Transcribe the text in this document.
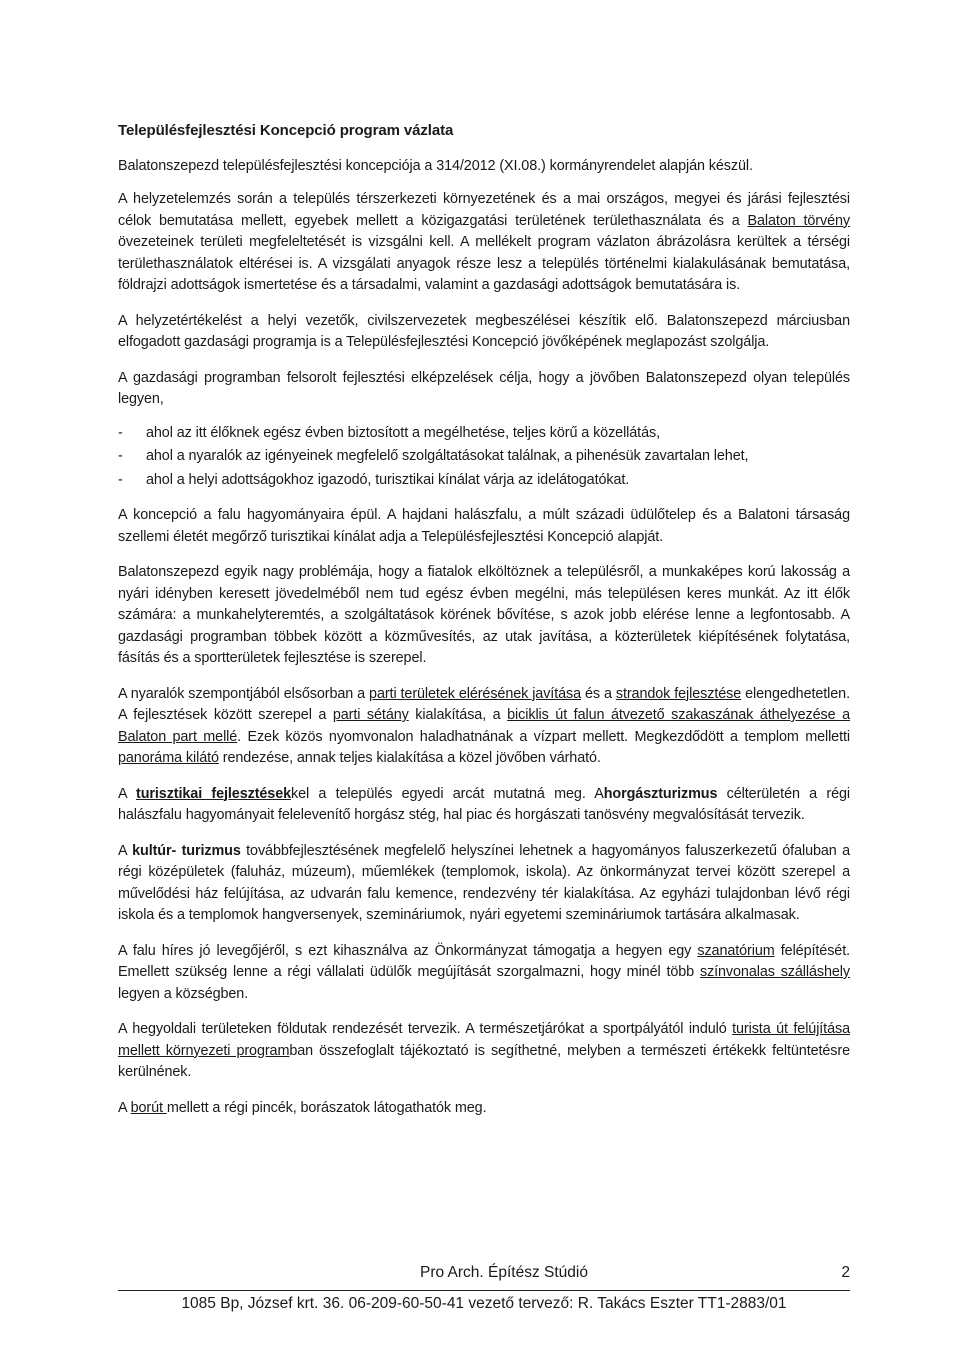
Településfejlesztési Koncepció program vázlata

Balatonszepezd településfejlesztési koncepciója a 314/2012 (XI.08.) kormányrendelet alapján készül.

A helyzetelemzés során a település térszerkezeti környezetének és a mai országos, megyei és járási fejlesztési célok bemutatása mellett, egyebek mellett a közigazgatási területének területhasználata és a Balaton törvény övezeteinek területi megfeleltetését is vizsgálni kell. A mellékelt program vázlaton ábrázolásra kerültek a térségi területhasználatok eltérései is. A vizsgálati anyagok része lesz a település történelmi kialakulásának bemutatása, földrajzi adottságok ismertetése és a társadalmi, valamint a gazdasági adottságok bemutatására is.

A helyzetértékelést a helyi vezetők, civilszervezetek megbeszélései készítik elő. Balatonszepezd márciusban elfogadott gazdasági programja is a Településfejlesztési Koncepció jövőképének meglapozást szolgálja.

A gazdasági programban felsorolt fejlesztési elképzelések célja, hogy a jövőben Balatonszepezd olyan település legyen,

-	ahol az itt élőknek egész évben biztosított a megélhetése, teljes körű a közellátás,
-	ahol a nyaralók az igényeinek megfelelő szolgáltatásokat találnak, a pihenésük zavartalan lehet,
-	ahol a helyi adottságokhoz igazodó, turisztikai kínálat várja az idelátogatókat.

A koncepció a falu hagyományaira épül. A hajdani halászfalu, a múlt századi üdülőtelep és a Balatoni társaság szellemi életét megőrző turisztikai kínálat adja a Településfejlesztési Koncepció alapját.

Balatonszepezd egyik nagy problémája, hogy a fiatalok elköltöznek a településről, a munkaképes korú lakosság a nyári idényben keresett jövedelméből nem tud egész évben megélni, más településen keres munkát. Az itt élők számára: a munkahelyteremtés, a szolgáltatások körének bővítése, s azok jobb elérése lenne a legfontosabb. A gazdasági programban többek között a közművesítés, az utak javítása, a közterületek kiépítésének folytatása, fásítás és a sportterületek fejlesztése is szerepel.

A nyaralók szempontjából elsősorban a parti területek elérésének javítása és a strandok fejlesztése elengedhetetlen. A fejlesztések között szerepel a parti sétány kialakítása, a biciklis út falun átvezető szakaszának áthelyezése a Balaton part mellé. Ezek közös nyomvonalon haladhatnának a vízpart mellett. Megkezdődött a templom melletti panoráma kilátó rendezése, annak teljes kialakítása a közel jövőben várható.

A turisztikai fejlesztésekkel a település egyedi arcát mutatná meg. Ahorgászturizmus célterületén a régi halászfalu hagyományait felelevenítő horgász stég, hal piac és horgászati tanösvény megvalósítását tervezik.

A kultúr- turizmus továbbfejlesztésének megfelelő helyszínei lehetnek a hagyományos faluszerkezetű ófaluban a régi középületek (faluház, múzeum), műemlékek (templomok, iskola). Az önkormányzat tervei között szerepel a művelődési ház felújítása, az udvarán falu kemence, rendezvény tér kialakítása. Az egyházi tulajdonban lévő régi iskola és a templomok hangversenyek, szemináriumok, nyári egyetemi szemináriumok tartására alkalmasak.

A falu híres jó levegőjéről, s ezt kihasználva az Önkormányzat támogatja a hegyen egy szanatórium felépítését. Emellett szükség lenne a régi vállalati üdülők megújítását szorgalmazni, hogy minél több színvonalas szálláshely legyen a községben.

A hegyoldali területeken földutak rendezését tervezik. A természetjárókat a sportpályától induló turista út felújítása mellett környezeti programban összefoglalt tájékoztató is segíthetné, melyben a természeti értékekk feltüntetésre kerülnének.

A borút mellett a régi pincék, borászatok látogathatók meg.

Pro Arch. Építész Stúdió	2
1085 Bp, József krt. 36. 06-209-60-50-41 vezető tervező: R. Takács Eszter TT1-2883/01
